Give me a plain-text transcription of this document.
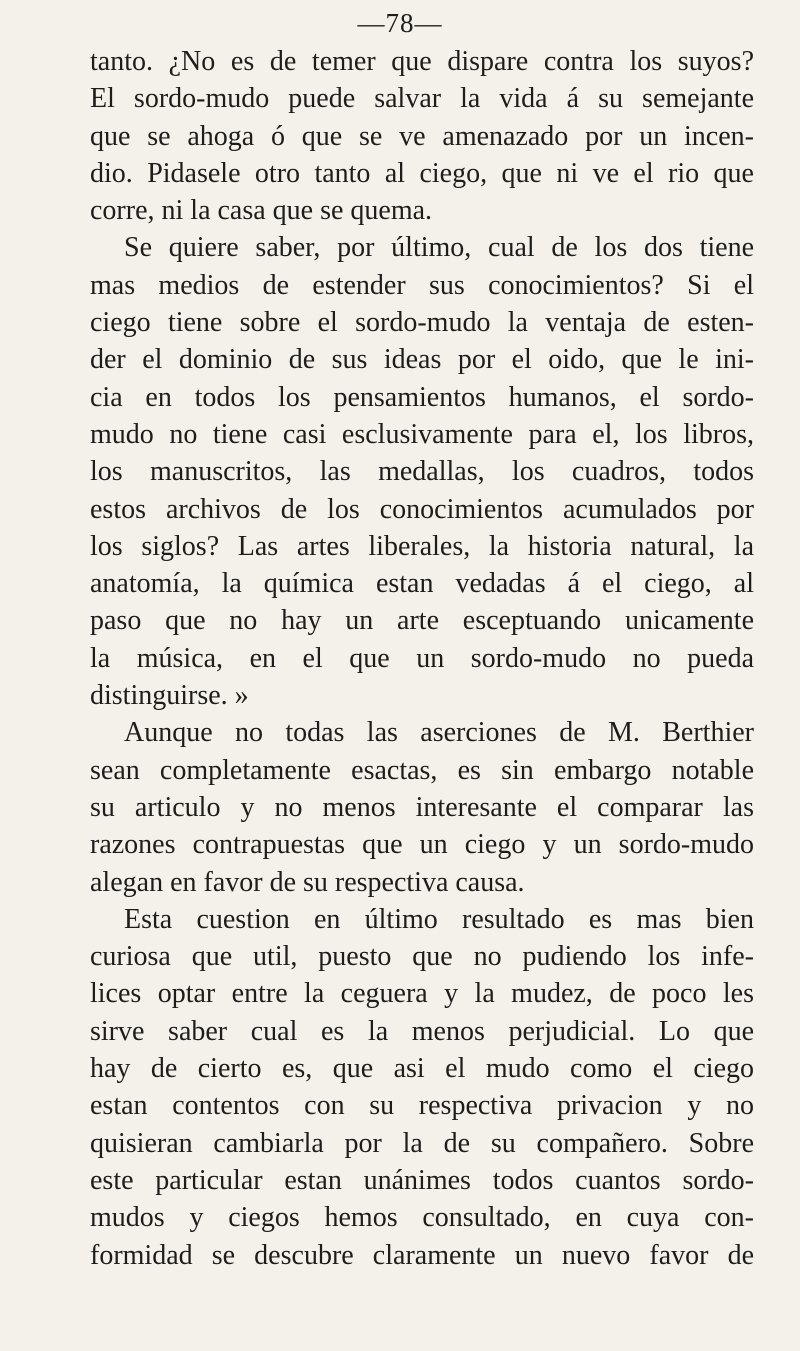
—78—
tanto. ¿No es de temer que dispare contra los suyos?
El sordo-mudo puede salvar la vida á su semejante
que se ahoga ó que se ve amenazado por un incen-
dio. Pidasele otro tanto al ciego, que ni ve el rio que
corre, ni la casa que se quema.
Se quiere saber, por último, cual de los dos tiene
mas medios de estender sus conocimientos? Si el
ciego tiene sobre el sordo-mudo la ventaja de esten-
der el dominio de sus ideas por el oido, que le ini-
cia en todos los pensamientos humanos, el sordo-
mudo no tiene casi esclusivamente para el, los libros,
los manuscritos, las medallas, los cuadros, todos
estos archivos de los conocimientos acumulados por
los siglos? Las artes liberales, la historia natural, la
anatomía, la química estan vedadas á el ciego, al
paso que no hay un arte esceptuando unicamente
la música, en el que un sordo-mudo no pueda
distinguirse. »
Aunque no todas las aserciones de M. Berthier
sean completamente esactas, es sin embargo notable
su articulo y no menos interesante el comparar las
razones contrapuestas que un ciego y un sordo-mudo
alegan en favor de su respectiva causa.
Esta cuestion en último resultado es mas bien
curiosa que util, puesto que no pudiendo los infe-
lices optar entre la ceguera y la mudez, de poco les
sirve saber cual es la menos perjudicial. Lo que
hay de cierto es, que asi el mudo como el ciego
estan contentos con su respectiva privacion y no
quisieran cambiarla por la de su compañero. Sobre
este particular estan unánimes todos cuantos sordo-
mudos y ciegos hemos consultado, en cuya con-
formidad se descubre claramente un nuevo favor de
